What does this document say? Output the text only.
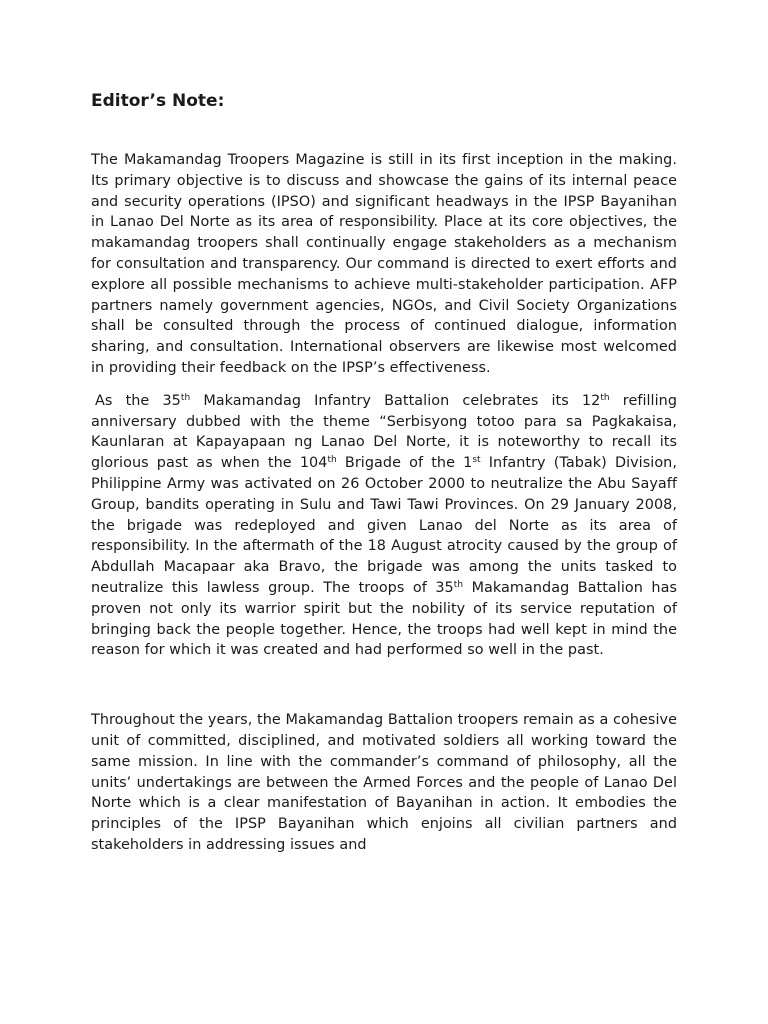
Editor’s Note:

The Makamandag Troopers Magazine is still in its first inception in the making. Its primary objective is to discuss and showcase the gains of its internal peace and security operations (IPSO) and significant headways in the IPSP Bayanihan in Lanao Del Norte as its area of responsibility. Place at its core objectives, the makamandag troopers shall continually engage stakeholders as a mechanism for consultation and transparency. Our command is directed to exert efforts and explore all possible mechanisms to achieve multi-stakeholder participation. AFP partners namely government agencies, NGOs, and Civil Society Organizations shall be consulted through the process of continued dialogue, information sharing, and consultation. International observers are likewise most welcomed in providing their feedback on the IPSP’s effectiveness.

As the 35th Makamandag Infantry Battalion celebrates its 12th refilling anniversary dubbed with the theme “Serbisyong totoo para sa Pagkakaisa, Kaunlaran at Kapayapaan ng Lanao Del Norte, it is noteworthy to recall its glorious past as when the 104th Brigade of the 1st Infantry (Tabak) Division, Philippine Army was activated on 26 October 2000 to neutralize the Abu Sayaff Group, bandits operating in Sulu and Tawi Tawi Provinces. On 29 January 2008, the brigade was redeployed and given Lanao del Norte as its area of responsibility. In the aftermath of the 18 August atrocity caused by the group of Abdullah Macapaar aka Bravo, the brigade was among the units tasked to neutralize this lawless group. The troops of 35th Makamandag Battalion has proven not only its warrior spirit but the nobility of its service reputation of bringing back the people together. Hence, the troops had well kept in mind the reason for which it was created and had performed so well in the past.

Throughout the years, the Makamandag Battalion troopers remain as a cohesive unit of committed, disciplined, and motivated soldiers all working toward the same mission. In line with the commander’s command of philosophy, all the units’ undertakings are between the Armed Forces and the people of Lanao Del Norte which is a clear manifestation of Bayanihan in action. It embodies the principles of the IPSP Bayanihan which enjoins all civilian partners and stakeholders in addressing issues and
